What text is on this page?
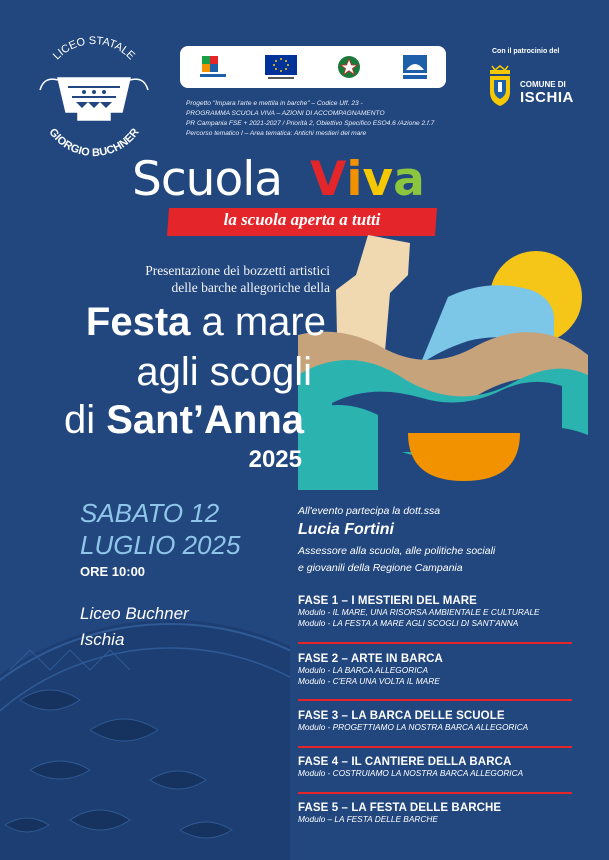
LICEO STATALE
GIORGIO BUCHNER
Progetto "Impara l'arte e mettila in barche" – Codice Uff. 23 -
PROGRAMMA SCUOLA VIVA – AZIONI DI ACCOMPAGNAMENTO
PR Campania FSE + 2021-2027 / Priorità 2, Obiettivo Specifico ESO4.6 /Azione 2.f.7
Percorso tematico I – Area tematica: Antichi mestieri del mare
Con il patrocinio del
COMUNE DI
ISCHIA
Scuola Viva
la scuola aperta a tutti
Presentazione dei bozzetti artistici
delle barche allegoriche della
Festa a mare
agli scogli
di Sant’Anna
2025
SABATO 12
LUGLIO 2025
ORE 10:00
Liceo Buchner
Ischia
All'evento partecipa la dott.ssa
Lucia Fortini
Assessore alla scuola, alle politiche sociali
e giovanili della Regione Campania
FASE 1 – I MESTIERI DEL MARE
Modulo - IL MARE, UNA RISORSA AMBIENTALE E CULTURALE
Modulo - LA FESTA A MARE AGLI SCOGLI DI SANT'ANNA
FASE 2 – ARTE IN BARCA
Modulo - LA BARCA ALLEGORICA
Modulo - C'ERA UNA VOLTA IL MARE
FASE 3 – LA BARCA DELLE SCUOLE
Modulo - PROGETTIAMO LA NOSTRA BARCA ALLEGORICA
FASE 4 – IL CANTIERE DELLA BARCA
Modulo - COSTRUIAMO LA NOSTRA BARCA ALLEGORICA
FASE 5 – LA FESTA DELLE BARCHE
Modulo – LA FESTA DELLE BARCHE
